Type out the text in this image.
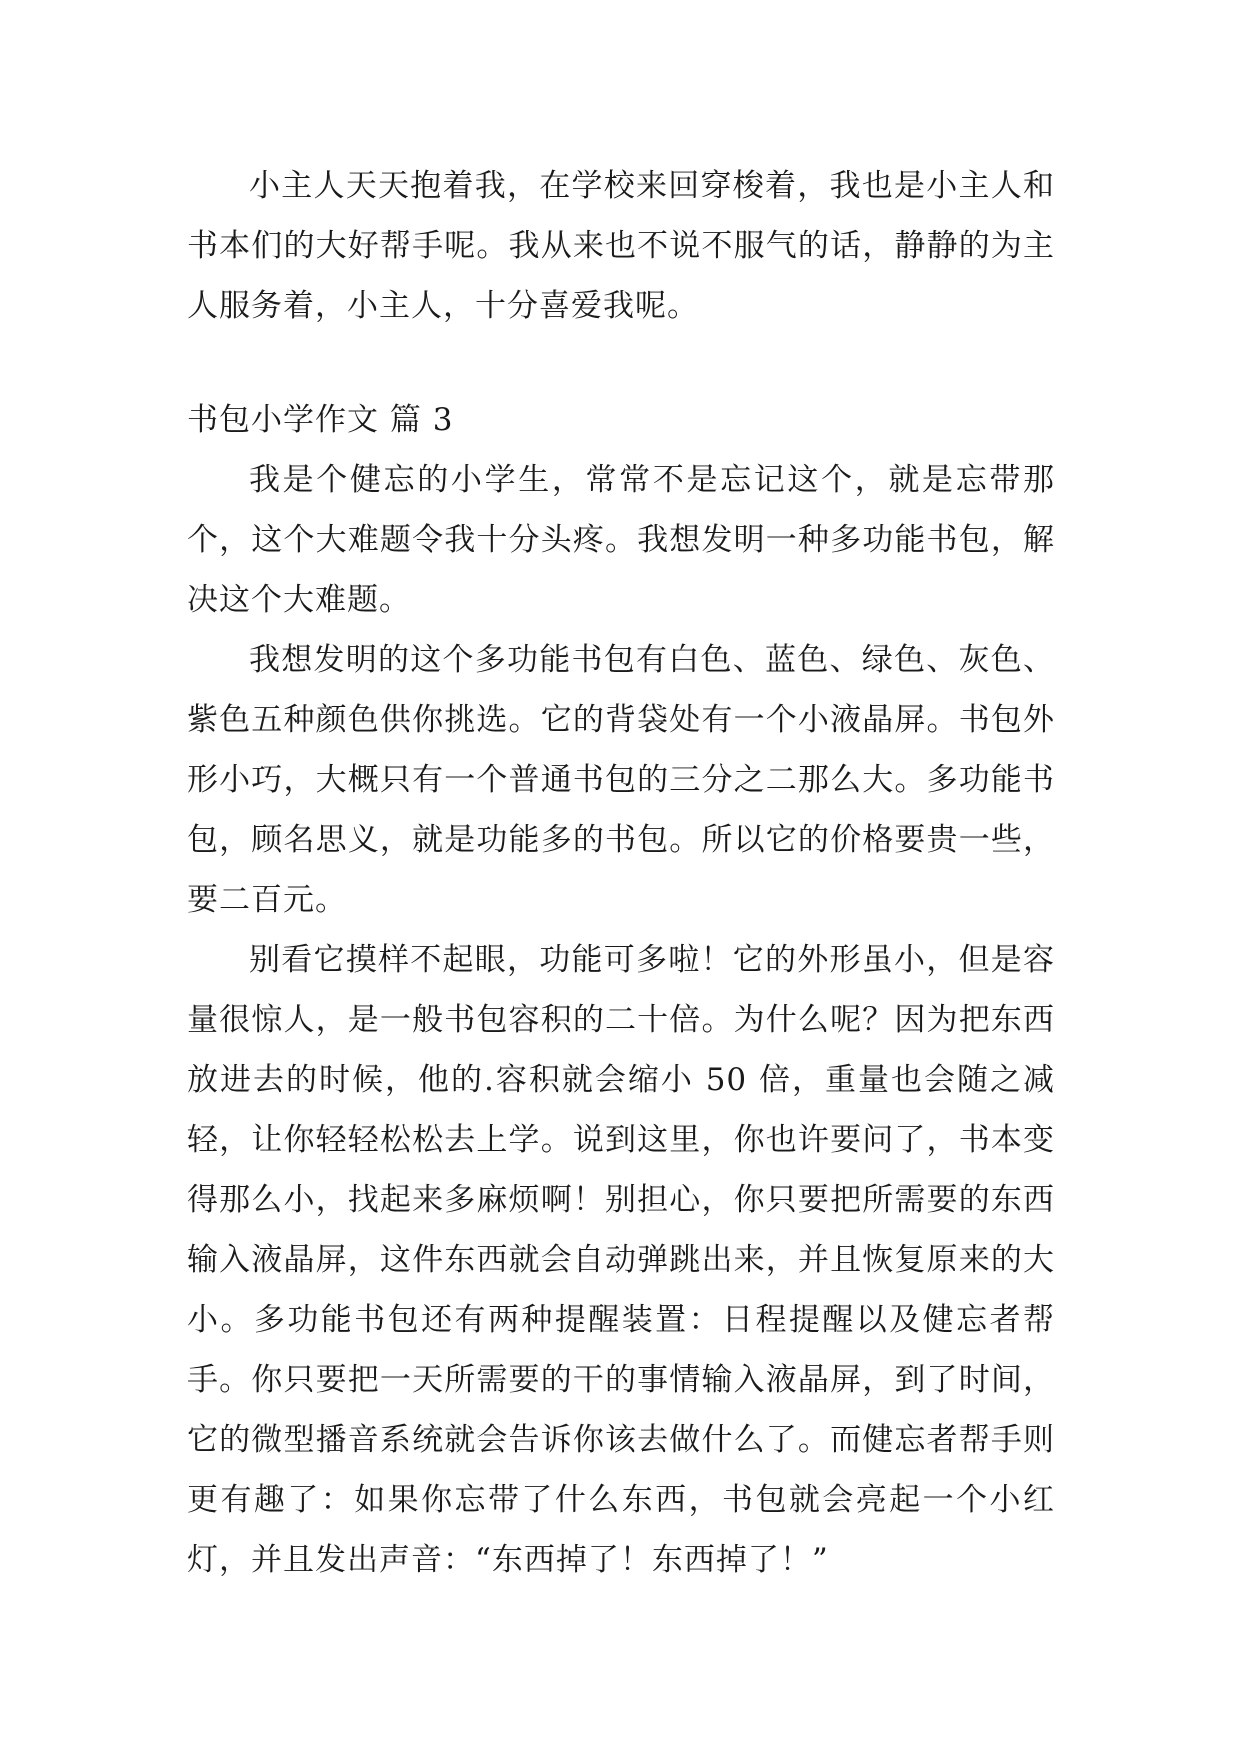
小主人天天抱着我，在学校来回穿梭着，我也是小主人和书本们的大好帮手呢。我从来也不说不服气的话，静静的为主人服务着，小主人，十分喜爱我呢。

书包小学作文 篇 3

我是个健忘的小学生，常常不是忘记这个，就是忘带那个，这个大难题令我十分头疼。我想发明一种多功能书包，解决这个大难题。

我想发明的这个多功能书包有白色、蓝色、绿色、灰色、紫色五种颜色供你挑选。它的背袋处有一个小液晶屏。书包外形小巧，大概只有一个普通书包的三分之二那么大。多功能书包，顾名思义，就是功能多的书包。所以它的价格要贵一些，要二百元。

别看它摸样不起眼，功能可多啦！它的外形虽小，但是容量很惊人，是一般书包容积的二十倍。为什么呢？因为把东西放进去的时候，他的.容积就会缩小 50 倍，重量也会随之减轻，让你轻轻松松去上学。说到这里，你也许要问了，书本变得那么小，找起来多麻烦啊！别担心，你只要把所需要的东西输入液晶屏，这件东西就会自动弹跳出来，并且恢复原来的大小。多功能书包还有两种提醒装置：日程提醒以及健忘者帮手。你只要把一天所需要的干的事情输入液晶屏，到了时间，它的微型播音系统就会告诉你该去做什么了。而健忘者帮手则更有趣了：如果你忘带了什么东西，书包就会亮起一个小红灯，并且发出声音：“东西掉了！东西掉了！”
